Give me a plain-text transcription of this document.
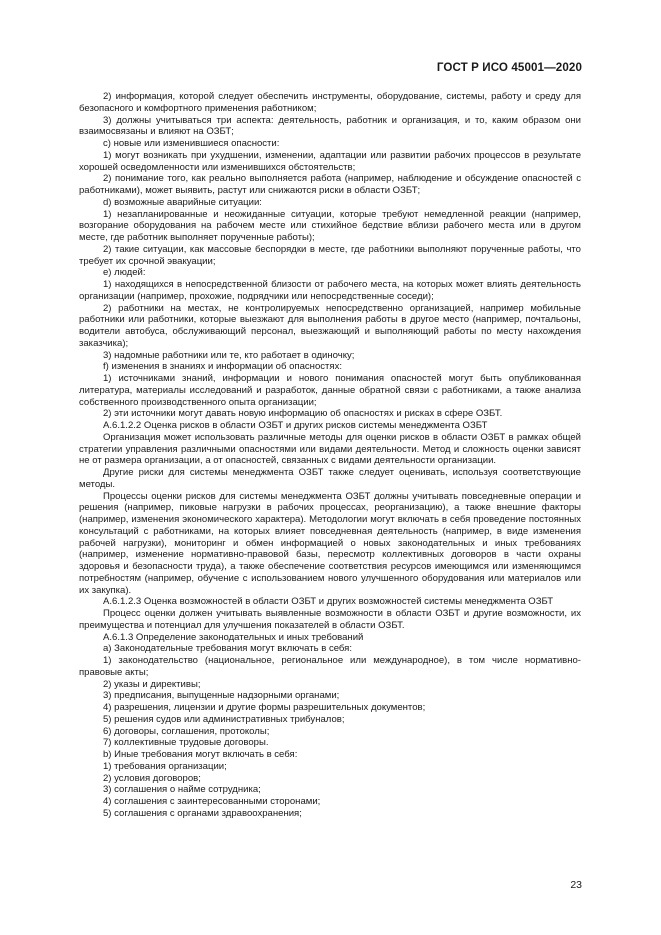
ГОСТ Р ИСО 45001—2020

2) информация, которой следует обеспечить инструменты, оборудование, системы, работу и среду для безопасного и комфортного применения работником;

3) должны учитываться три аспекта: деятельность, работник и организация, и то, каким образом они взаимосвязаны и влияют на ОЗБТ;

с) новые или изменившиеся опасности:

1) могут возникать при ухудшении, изменении, адаптации или развитии рабочих процессов в результате хорошей осведомленности или изменившихся обстоятельств;

2) понимание того, как реально выполняется работа (например, наблюдение и обсуждение опасностей с работниками), может выявить, растут или снижаются риски в области ОЗБТ;

d) возможные аварийные ситуации:

1) незапланированные и неожиданные ситуации, которые требуют немедленной реакции (например, возгорание оборудования на рабочем месте или стихийное бедствие вблизи рабочего места или в другом месте, где работник выполняет порученные работы);

2) такие ситуации, как массовые беспорядки в месте, где работники выполняют порученные работы, что требует их срочной эвакуации;

е) людей:

1) находящихся в непосредственной близости от рабочего места, на которых может влиять деятельность организации (например, прохожие, подрядчики или непосредственные соседи);

2) работники на местах, не контролируемых непосредственно организацией, например мобильные работники или работники, которые выезжают для выполнения работы в другое место (например, почтальоны, водители автобуса, обслуживающий персонал, выезжающий и выполняющий работы по месту нахождения заказчика);

3) надомные работники или те, кто работает в одиночку;

f) изменения в знаниях и информации об опасностях:

1) источниками знаний, информации и нового понимания опасностей могут быть опубликованная литература, материалы исследований и разработок, данные обратной связи с работниками, а также анализа собственного производственного опыта организации;

2) эти источники могут давать новую информацию об опасностях и рисках в сфере ОЗБТ.

А.6.1.2.2 Оценка рисков в области ОЗБТ и других рисков системы менеджмента ОЗБТ

Организация может использовать различные методы для оценки рисков в области ОЗБТ в рамках общей стратегии управления различными опасностями или видами деятельности. Метод и сложность оценки зависят не от размера организации, а от опасностей, связанных с видами деятельности организации.

Другие риски для системы менеджмента ОЗБТ также следует оценивать, используя соответствующие методы.

Процессы оценки рисков для системы менеджмента ОЗБТ должны учитывать повседневные операции и решения (например, пиковые нагрузки в рабочих процессах, реорганизацию), а также внешние факторы (например, изменения экономического характера). Методологии могут включать в себя проведение постоянных консультаций с работниками, на которых влияет повседневная деятельность (например, в виде изменения рабочей нагрузки), мониторинг и обмен информацией о новых законодательных и иных требованиях (например, изменение нормативно-правовой базы, пересмотр коллективных договоров в части охраны здоровья и безопасности труда), а также обеспечение соответствия ресурсов имеющимся или изменяющимся потребностям (например, обучение с использованием нового улучшенного оборудования или материалов или их закупка).

А.6.1.2.3 Оценка возможностей в области ОЗБТ и других возможностей системы менеджмента ОЗБТ

Процесс оценки должен учитывать выявленные возможности в области ОЗБТ и другие возможности, их преимущества и потенциал для улучшения показателей в области ОЗБТ.

А.6.1.3 Определение законодательных и иных требований

а) Законодательные требования могут включать в себя:

1) законодательство (национальное, региональное или международное), в том числе нормативно-правовые акты;

2) указы и директивы;

3) предписания, выпущенные надзорными органами;

4) разрешения, лицензии и другие формы разрешительных документов;

5) решения судов или административных трибуналов;

6) договоры, соглашения, протоколы;

7) коллективные трудовые договоры.

b) Иные требования могут включать в себя:

1) требования организации;

2) условия договоров;

3) соглашения о найме сотрудника;

4) соглашения с заинтересованными сторонами;

5) соглашения с органами здравоохранения;

23
